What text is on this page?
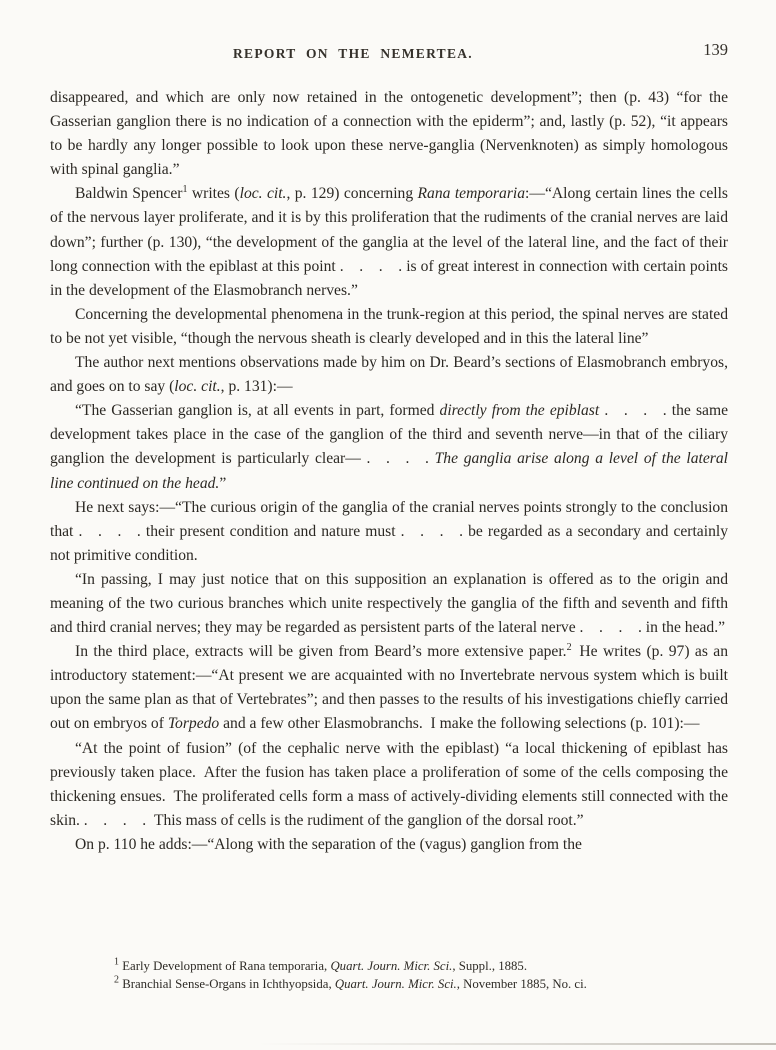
REPORT ON THE NEMERTEA.	139

disappeared, and which are only now retained in the ontogenetic development”; then (p. 43) “for the Gasserian ganglion there is no indication of a connection with the epiderm”; and, lastly (p. 52), “it appears to be hardly any longer possible to look upon these nerve-ganglia (Nervenknoten) as simply homologous with spinal ganglia.”

Baldwin Spencer$^1$ writes (loc. cit., p. 129) concerning Rana temporaria:—“Along certain lines the cells of the nervous layer proliferate, and it is by this proliferation that the rudiments of the cranial nerves are laid down”; further (p. 130), “the development of the ganglia at the level of the lateral line, and the fact of their long connection with the epiblast at this point . . . . is of great interest in connection with certain points in the development of the Elasmobranch nerves.”

Concerning the developmental phenomena in the trunk-region at this period, the spinal nerves are stated to be not yet visible, “though the nervous sheath is clearly developed and in this the lateral line”

The author next mentions observations made by him on Dr. Beard’s sections of Elasmobranch embryos, and goes on to say (loc. cit., p. 131):—

“The Gasserian ganglion is, at all events in part, formed directly from the epiblast . . . . the same development takes place in the case of the ganglion of the third and seventh nerve—in that of the ciliary ganglion the development is particularly clear— . . . . The ganglia arise along a level of the lateral line continued on the head.”

He next says:—“The curious origin of the ganglia of the cranial nerves points strongly to the conclusion that . . . . their present condition and nature must . . . . be regarded as a secondary and certainly not primitive condition.

“In passing, I may just notice that on this supposition an explanation is offered as to the origin and meaning of the two curious branches which unite respectively the ganglia of the fifth and seventh and fifth and third cranial nerves; they may be regarded as persistent parts of the lateral nerve . . . . in the head.”

In the third place, extracts will be given from Beard’s more extensive paper.$^2$ He writes (p. 97) as an introductory statement:—“At present we are acquainted with no Invertebrate nervous system which is built upon the same plan as that of Vertebrates”; and then passes to the results of his investigations chiefly carried out on embryos of Torpedo and a few other Elasmobranchs. I make the following selections (p. 101):—

“At the point of fusion” (of the cephalic nerve with the epiblast) “a local thickening of epiblast has previously taken place. After the fusion has taken place a proliferation of some of the cells composing the thickening ensues. The proliferated cells form a mass of actively-dividing elements still connected with the skin. . . . . This mass of cells is the rudiment of the ganglion of the dorsal root.”

On p. 110 he adds:—“Along with the separation of the (vagus) ganglion from the

$^1$ Early Development of Rana temporaria, Quart. Journ. Micr. Sci., Suppl., 1885.

$^2$ Branchial Sense-Organs in Ichthyopsida, Quart. Journ. Micr. Sci., November 1885, No. ci.
